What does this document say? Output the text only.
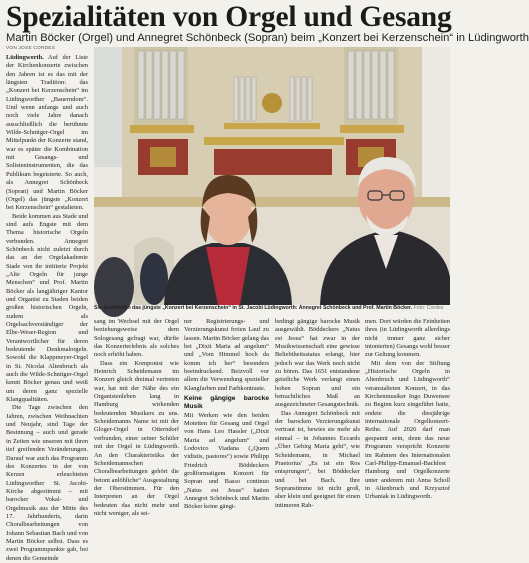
Spezialitäten von Orgel und Gesang
Martin Böcker (Orgel) und Annegret Schönbeck (Sopran) beim „Konzert bei Kerzenschein“ in Lüdingworth
VON JOSE CORDES

Lüdingworth. Auf der Liste der Kirchenkonzerte zwischen den Jahren ist es das mit der längsten Tradition: das „Konzert bei Kerzenschein“ im Lüdingworther „Bauerndom“. Und wenn anfangs und auch noch viele Jahre danach ausschließlich die berühmte Wilde-Schnitger-Orgel im Mittelpunkt der Konzerte stand, war es später die Kombination mit Gesangs- und Solisteninstrumenten, die das Publikum begeisterte. So auch, als Annegret Schönbeck (Sopran) und Martin Böcker (Orgel) das jüngste „Konzert bei Kerzenschein“ gestalteten.

Beide kommen aus Stade und sind aufs Engste mit dem Thema historische Orgeln verbunden. Annegret Schönbeck nicht zuletzt durch das an der Orgelakademie Stade von ihr initiierte Projekt „Alte Orgeln für junge Menschen“ und Prof. Martin Böcker als langjähriger Kantor und Organist zu Staden beiden großen historischen Orgeln, zudem als Orgelsachverständiger der Elbe-Weser-Region und Verantwortlicher für deren bedeutende Denkmalorgeln. Sowohl die Klappmeyer-Orgel in St. Nicolai Altenbruch als auch die Wilde-Schnitger-Orgel kennt Böcker genau und weiß um deren ganz spezielle Klangqualitäten.

Die Tage zwischen den Jahren, zwischen Weihnachten und Neujahr, sind Tage der Besinnung – auch und gerade in Zeiten wie unseren mit ihren tief greifenden Veränderungen. Darauf war auch das Programm des Konzertes in der von Kerzen erleuchteten Lüdingworther St. Jacobi-Kirche abgestimmt – mit barocker Vokal- und Orgelmusik aus der Mitte des 17. Jahrhunderts, darin Choralbearbeitungen von Johann Sebastian Bach und von Martin Böcker selbst. Dass es zwei Programmpunkte gab, bei denen die Gemeinde

Sie gestalteten das jüngste „Konzert bei Kerzenschein“ in St. Jacobi Lüdingworth: Annegret Schönbeck und Prof. Martin Böcker. Foto: Cordes

sang im Wechsel mit der Orgel beziehungsweise dem Sologesang gefragt war, dürfte das Konzerterlebnis als solches noch erhöht haben.

Dass ein Komponist wie Heinrich Scheidemann im Konzert gleich dreimal vertreten war, hat mit der Nähe des ein Organistenleben lang in Hamburg wirkenden bedeutenden Musikers zu uns. Scheidemanns Name ist mit der Gloger-Orgel in Otterndorf verbunden, einer seiner Schüler mit der Orgel in Lüdingworth. An den Charakteristika der Scheidemannschen Choralbearbeitungen gehört die betont anlöbliche“ Ausgestaltung der Oberstimmen. Für den Interpreten an der Orgel bedeuten das nicht mehr und nicht weniger, als sei-

ner Registrierungs- und Verzierungskunst freien Lauf zu lassen. Martin Böcker gelang das bei „Dixit Maria ad angelum“ und „Vom Himmel hoch da komm ich her“ besonders beeindruckend. Beizvoll vor allem die Verwendung spezieller Klangfarben und Farbkontraste.

Keine gängige barocke Musik

Mit Werken wie den beiden Motetten für Gesang und Orgel von Hans Leo Hassler („Dixit Maria ad angelum“ und Lodovico Viadana („Quem vidistis, pastores“) sowie Philipp Friedrich Böddeckers großformatigem Konzert für Sopran und Basso continuo „Natus est Jesus“ hatten Annegret Schönbeck und Martin Böcker keine gängi-

bedingt gängige barocke Musik ausgewählt. Böddeckers „Natus est Jesus“ hat zwar in der Musikwissenschaft eine gewisse Beliebtheitsstatus erlangt, hier jedoch war das Werk noch nicht zu hören. Das 1651 entstandene geistliche Werk verlangt einen hohen Sopran und ein betrachtliches Maß an ausgezeichneter Gesangstechnik.

Das Annegret Schönbeck mit der barocken Verzierungskunst vertraut ist, bewies sie mehr als einmal – in Johannes Eccards „Über Gebirg Maria geht“, wie Scheidemann, in Michael Praetorius' „Es ist ein Ros entsprungen“, bei Böddecker und bei Bach. Ihre Sopranstimme ist nicht groß, aber klein und geeignet für einen intimeren Rah-

men. Dort würden die Feinheiten ihres (in Lüdingworth allerdings nicht immer ganz sicher intonierten) Gesangs wohl besser zur Geltung kommen.

Mit dem von der Stiftung „Historische Orgeln in Altenbruch und Lüdingworth“ veranstalteten Konzert, in das Kirchenmusiker Ingo Duwensee zu Beginn kurz eingeführt hatte, endete die diesjährige internationale Orgelkonzert-Reihe. Auf 2026 darf man gespannt sein, denn das neue Programm verspricht Konzerte im Rahmen des Internationalen Carl-Philipp-Emanuel-Bachfest Hamburg und Orgelkonzerte unter anderem mit Anna Scholl in Altenbruch und Krzysztof Urbaniak in Lüdingworth.
